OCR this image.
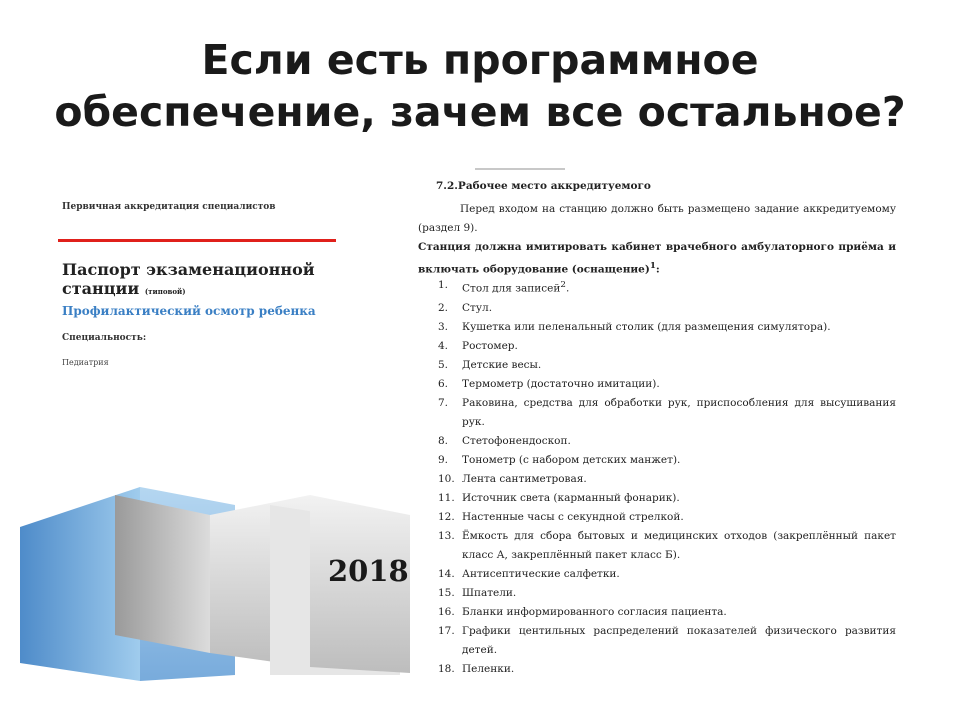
Если есть программное
обеспечение, зачем все остальное?
Первичная аккредитация специалистов
Паспорт экзаменационной
станции (типовой)
Профилактический осмотр ребенка
Специальность:
Педиатрия
2018
7.2.Рабочее место аккредитуемого
Перед входом на станцию должно быть размещено задание аккредитуемому (раздел 9).
Станция должна имитировать кабинет врачебного амбулаторного приёма и включать оборудование (оснащение)$^1$:
1.	Стол для записей$^2$.
2.	Стул.
3.	Кушетка или пеленальный столик (для размещения симулятора).
4.	Ростомер.
5.	Детские весы.
6.	Термометр (достаточно имитации).
7.	Раковина, средства для обработки рук, приспособления для высушивания рук.
8.	Стетофонендоскоп.
9.	Тонометр (с набором детских манжет).
10. Лента сантиметровая.
11. Источник света (карманный фонарик).
12. Настенные часы с секундной стрелкой.
13. Ёмкость для сбора бытовых и медицинских отходов (закреплённый пакет класс А, закреплённый пакет класс Б).
14. Антисептические салфетки.
15. Шпатели.
16. Бланки информированного согласия пациента.
17. Графики центильных распределений показателей физического развития детей.
18. Пеленки.
